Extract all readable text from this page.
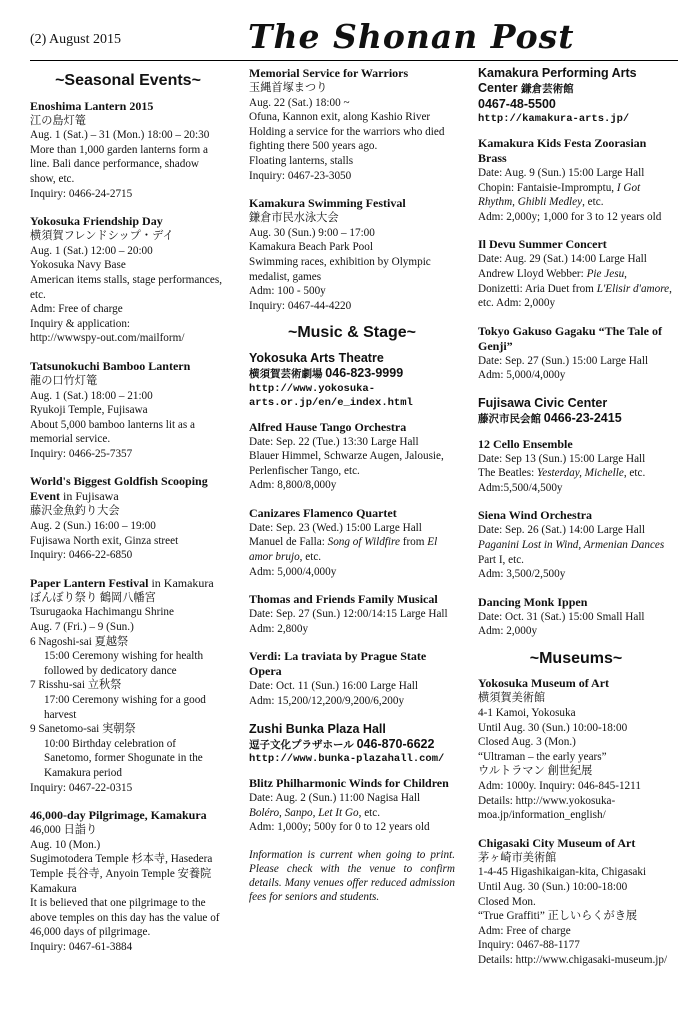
(2) August 2015	The Shonan Post
~Seasonal Events~
Enoshima Lantern 2015
江の島灯篭
Aug. 1 (Sat.) – 31 (Mon.) 18:00 – 20:30
More than 1,000 garden lanterns form a line. Bali dance performance, shadow show, etc.
Inquiry: 0466-24-2715
Yokosuka Friendship Day
横須賀フレンドシップ・デイ
Aug. 1 (Sat.) 12:00 – 20:00
Yokosuka Navy Base
American items stalls, stage performances, etc.
Adm: Free of charge
Inquiry & application:
http://wwwspy-out.com/mailform/
Tatsunokuchi Bamboo Lantern
龍の口竹灯篭
Aug. 1 (Sat.) 18:00 – 21:00
Ryukoji Temple, Fujisawa
About 5,000 bamboo lanterns lit as a memorial service.
Inquiry: 0466-25-7357
World's Biggest Goldfish Scooping Event in Fujisawa
藤沢金魚釣り大会
Aug. 2 (Sun.) 16:00 – 19:00
Fujisawa North exit, Ginza street
Inquiry: 0466-22-6850
Paper Lantern Festival in Kamakura
ぼんぼり祭り 鶴岡八幡宮
Tsurugaoka Hachimangu Shrine
Aug. 7 (Fri.) – 9 (Sun.)
6 Nagoshi-sai 夏越祭
15:00 Ceremony wishing for health followed by dedicatory dance
7 Risshu-sai 立秋祭
17:00 Ceremony wishing for a good harvest
9 Sanetomo-sai 実朝祭
10:00 Birthday celebration of Sanetomo, former Shogunate in the Kamakura period
Inquiry: 0467-22-0315
46,000-day Pilgrimage, Kamakura
46,000 日詣り
Aug. 10 (Mon.)
Sugimotodera Temple 杉本寺, Hasedera Temple 長谷寺, Anyoin Temple 安養院 Kamakura
It is believed that one pilgrimage to the above temples on this day has the value of 46,000 days of pilgrimage.
Inquiry: 0467-61-3884
Memorial Service for Warriors
玉縄首塚まつり
Aug. 22 (Sat.) 18:00 ~
Ofuna, Kannon exit, along Kashio River
Holding a service for the warriors who died fighting there 500 years ago.
Floating lanterns, stalls
Inquiry: 0467-23-3050
Kamakura Swimming Festival
鎌倉市民水泳大会
Aug. 30 (Sun.) 9:00 – 17:00
Kamakura Beach Park Pool
Swimming races, exhibition by Olympic medalist, games
Adm: 100 - 500y
Inquiry: 0467-44-4220
~Music & Stage~
Yokosuka Arts Theatre
横須賀芸術劇場 046-823-9999
http://www.yokosuka-arts.or.jp/en/e_index.html
Alfred Hause Tango Orchestra
Date: Sep. 22 (Tue.) 13:30 Large Hall
Blauer Himmel, Schwarze Augen, Jalousie, Perlenfischer Tango, etc.
Adm: 8,800/8,000y
Canizares Flamenco Quartet
Date: Sep. 23 (Wed.) 15:00 Large Hall
Manuel de Falla: Song of Wildfire from El amor brujo, etc.
Adm: 5,000/4,000y
Thomas and Friends Family Musical
Date: Sep. 27 (Sun.) 12:00/14:15 Large Hall
Adm: 2,800y
Verdi: La traviata by Prague State Opera
Date: Oct. 11 (Sun.) 16:00 Large Hall
Adm: 15,200/12,200/9,200/6,200y
Zushi Bunka Plaza Hall
逗子文化プラザホール 046-870-6622
http://www.bunka-plazahall.com/
Blitz Philharmonic Winds for Children
Date: Aug. 2 (Sun.) 11:00 Nagisa Hall
Boléro, Sanpo, Let It Go, etc.
Adm: 1,000y; 500y for 0 to 12 years old
Information is current when going to print. Please check with the venue to confirm details. Many venues offer reduced admission fees for seniors and students.
Kamakura Performing Arts Center 鎌倉芸術館
0467-48-5500
http://kamakura-arts.jp/
Kamakura Kids Festa Zoorasian Brass
Date: Aug. 9 (Sun.) 15:00 Large Hall
Chopin: Fantaisie-Impromptu, I Got Rhythm, Ghibli Medley, etc.
Adm: 2,000y; 1,000 for 3 to 12 years old
Il Devu Summer Concert
Date: Aug. 29 (Sat.) 14:00 Large Hall
Andrew Lloyd Webber: Pie Jesu, Donizetti: Aria Duet from L'Elisir d'amore, etc. Adm: 2,000y
Tokyo Gakuso Gagaku “The Tale of Genji”
Date: Sep. 27 (Sun.) 15:00 Large Hall
Adm: 5,000/4,000y
Fujisawa Civic Center
藤沢市民会館 0466-23-2415
12 Cello Ensemble
Date: Sep 13 (Sun.) 15:00 Large Hall
The Beatles: Yesterday, Michelle, etc.
Adm:5,500/4,500y
Siena Wind Orchestra
Date: Sep. 26 (Sat.) 14:00 Large Hall
Paganini Lost in Wind, Armenian Dances Part I, etc.
Adm: 3,500/2,500y
Dancing Monk Ippen
Date: Oct. 31 (Sat.) 15:00 Small Hall
Adm: 2,000y
~Museums~
Yokosuka Museum of Art
横須賀美術館
4-1 Kamoi, Yokosuka
Until Aug. 30 (Sun.) 10:00-18:00
Closed Aug. 3 (Mon.)
“Ultraman – the early years”
ウルトラマン 創世紀展
Adm: 1000y. Inquiry: 046-845-1211
Details: http://www.yokosuka-moa.jp/information_english/
Chigasaki City Museum of Art
茅ヶ崎市美術館
1-4-45 Higashikaigan-kita, Chigasaki
Until Aug. 30 (Sun.) 10:00-18:00
Closed Mon.
“True Graffiti” 正しいらくがき展
Adm: Free of charge
Inquiry: 0467-88-1177
Details: http://www.chigasaki-museum.jp/
